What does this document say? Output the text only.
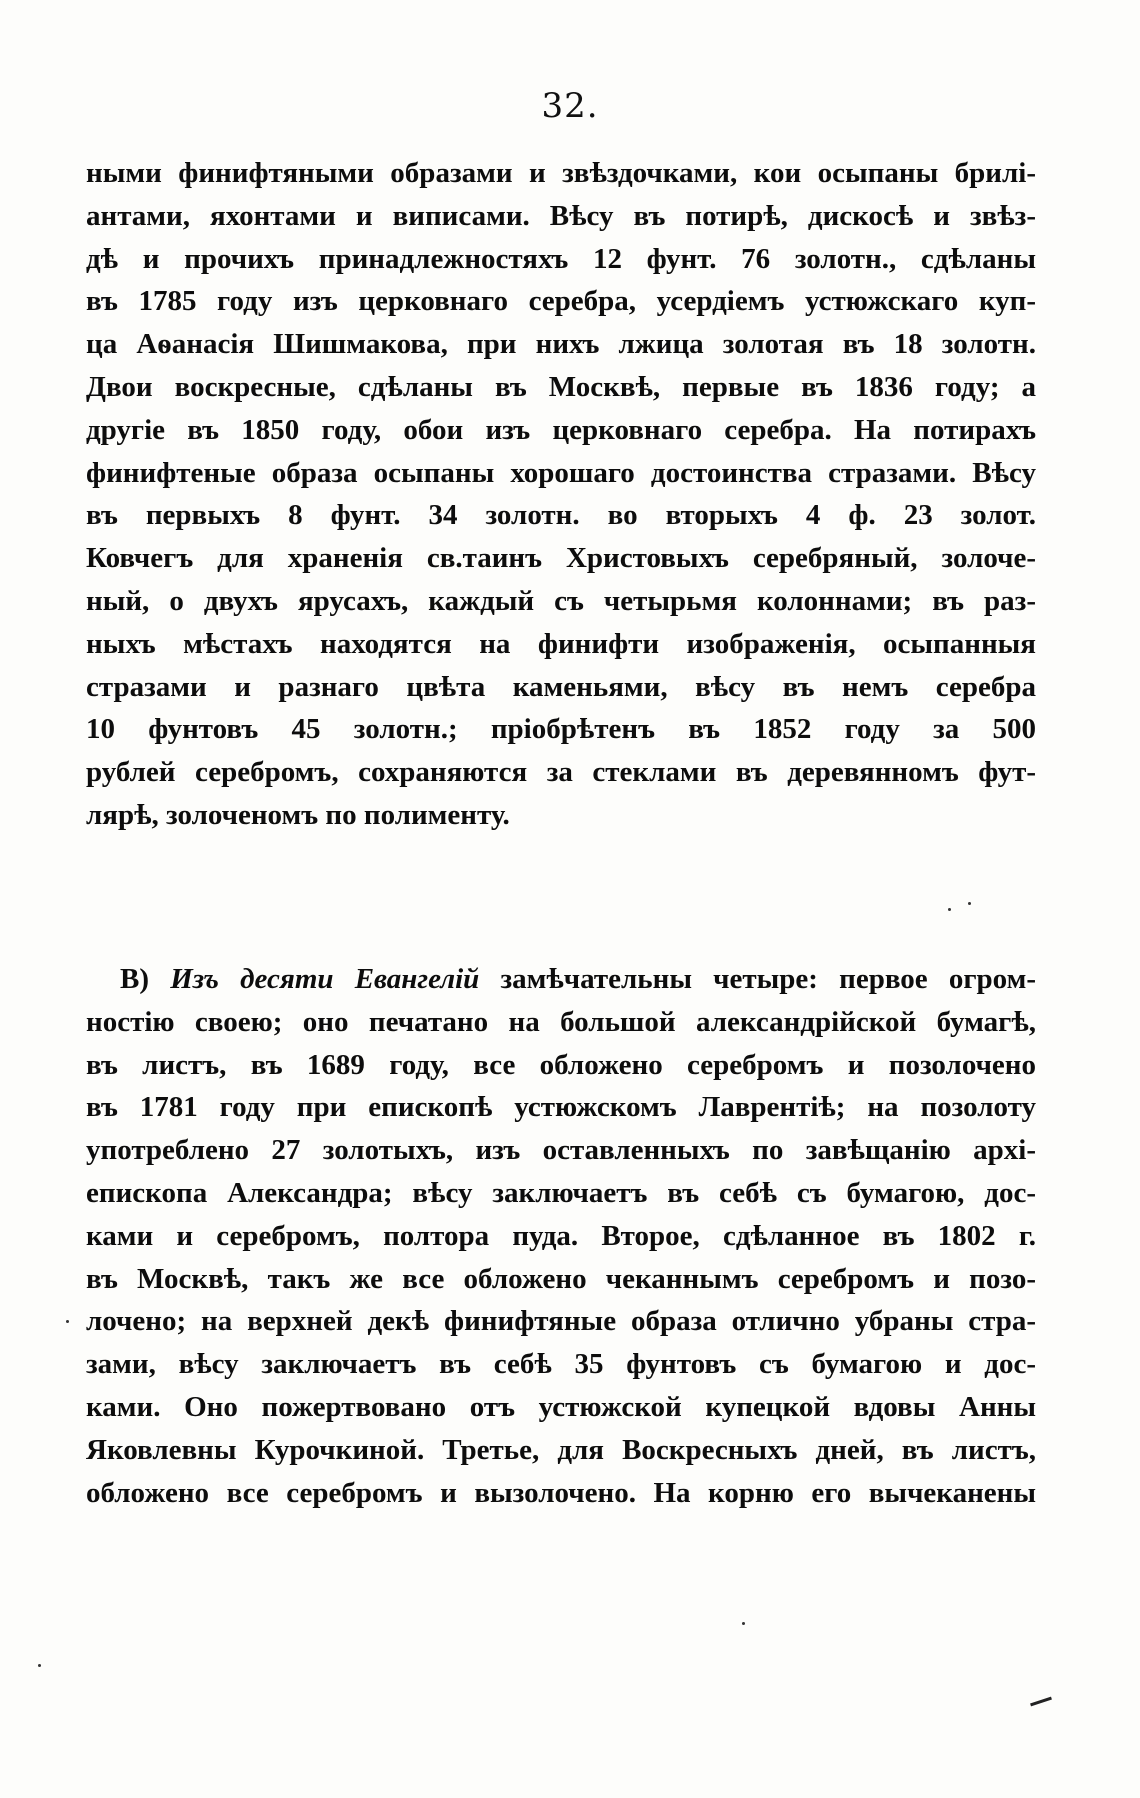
32.
ными финифтяными образами и звѣздочками, кои осыпаны брилі-
антами, яхонтами и виписами. Вѣсу въ потирѣ, дискосѣ и звѣз-
дѣ и прочихъ принадлежностяхъ 12 фунт. 76 золотн., сдѣланы
въ 1785 году изъ церковнаго серебра, усердіемъ устюжскаго куп-
ца Аѳанасія Шишмакова, при нихъ лжица золотая въ 18 золотн.
Двои воскресные, сдѣланы въ Москвѣ, первые въ 1836 году; а
другіе въ 1850 году, обои изъ церковнаго серебра. На потирахъ
финифтеные образа осыпаны хорошаго достоинства стразами. Вѣсу
въ первыхъ 8 фунт. 34 золотн. во вторыхъ 4 ф. 23 золот.
Ковчегъ для храненія св.таинъ Христовыхъ серебряный, золоче-
ный, о двухъ ярусахъ, каждый съ четырьмя колоннами; въ раз-
ныхъ мѣстахъ находятся на финифти изображенія, осыпанныя
стразами и разнаго цвѣта каменьями, вѣсу въ немъ серебра
10 фунтовъ 45 золотн.; пріобрѣтенъ въ 1852 году за 500
рублей серебромъ, сохраняются за стеклами въ деревянномъ фут-
лярѣ, золоченомъ по полименту.
В) Изъ десяти Евангелій замѣчательны четыре: первое огром-
ностію своею; оно печатано на большой александрійской бумагѣ,
въ листъ, въ 1689 году, все обложено серебромъ и позолочено
въ 1781 году при епископѣ устюжскомъ Лаврентіѣ; на позолоту
употреблено 27 золотыхъ, изъ оставленныхъ по завѣщанію архі-
епископа Александра; вѣсу заключаетъ въ себѣ съ бумагою, дос-
ками и серебромъ, полтора пуда. Второе, сдѣланное въ 1802 г.
въ Москвѣ, такъ же все обложено чеканнымъ серебромъ и позо-
лочено; на верхней декѣ финифтяные образа отлично убраны стра-
зами, вѣсу заключаетъ въ себѣ 35 фунтовъ съ бумагою и дос-
ками. Оно пожертвовано отъ устюжской купецкой вдовы Анны
Яковлевны Курочкиной. Третье, для Воскресныхъ дней, въ листъ,
обложено все серебромъ и вызолочено. На корню его вычеканены
